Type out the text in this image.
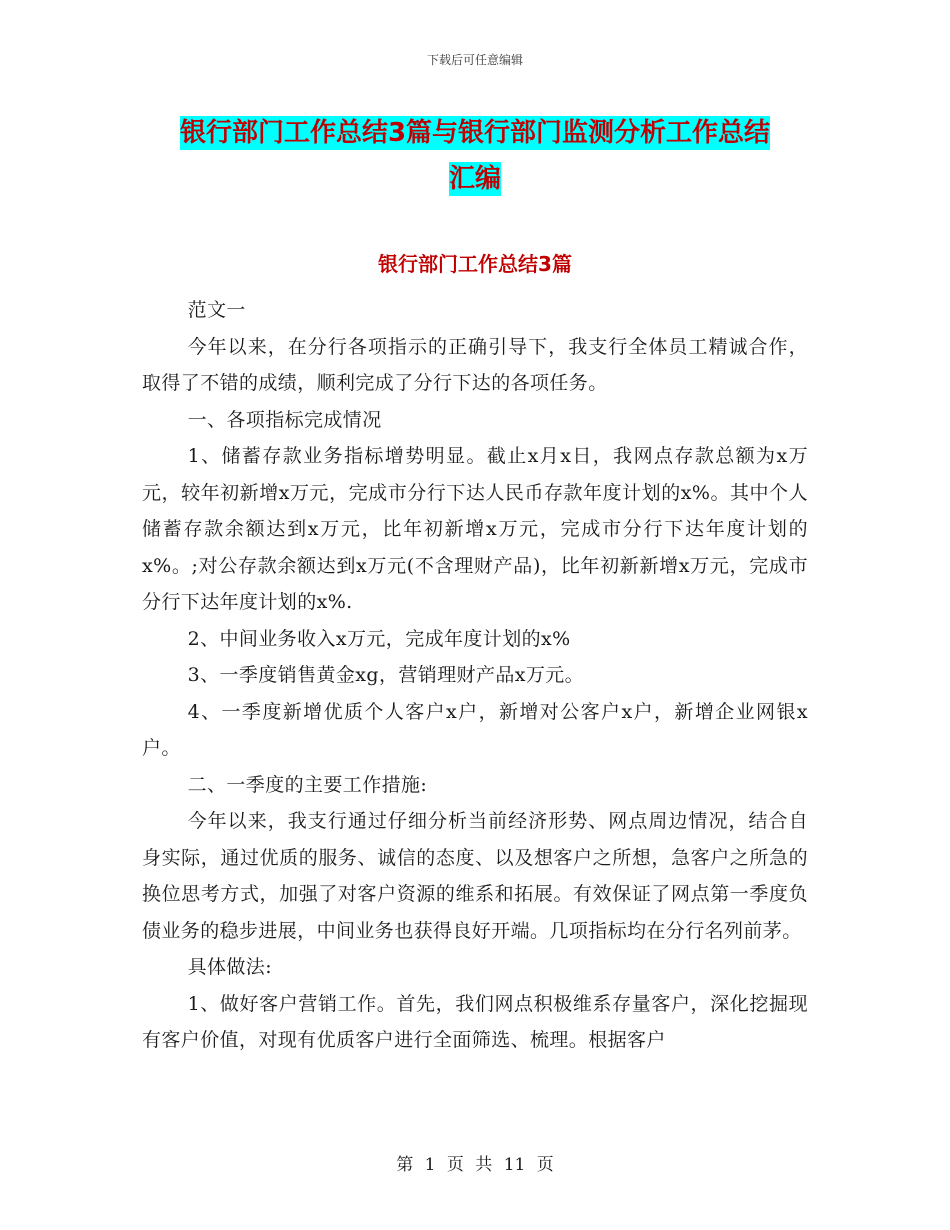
下载后可任意编辑
银行部门工作总结3篇与银行部门监测分析工作总结
汇编
银行部门工作总结3篇

范文一

今年以来，在分行各项指示的正确引导下，我支行全体员工精诚合作，取得了不错的成绩，顺利完成了分行下达的各项任务。

一、各项指标完成情况

1、储蓄存款业务指标增势明显。截止x月x日，我网点存款总额为x万元，较年初新增x万元，完成市分行下达人民币存款年度计划的x%。其中个人储蓄存款余额达到x万元，比年初新增x万元，完成市分行下达年度计划的x%。;对公存款余额达到x万元(不含理财产品)，比年初新新增x万元，完成市分行下达年度计划的x%.

2、中间业务收入x万元，完成年度计划的x%

3、一季度销售黄金xg，营销理财产品x万元。

4、一季度新增优质个人客户x户，新增对公客户x户，新增企业网银x户。

二、一季度的主要工作措施:

今年以来，我支行通过仔细分析当前经济形势、网点周边情况，结合自身实际，通过优质的服务、诚信的态度、以及想客户之所想，急客户之所急的换位思考方式，加强了对客户资源的维系和拓展。有效保证了网点第一季度负债业务的稳步进展，中间业务也获得良好开端。几项指标均在分行名列前茅。

具体做法:

1、做好客户营销工作。首先，我们网点积极维系存量客户，深化挖掘现有客户价值，对现有优质客户进行全面筛选、梳理。根据客户

第 1 页 共 11 页
